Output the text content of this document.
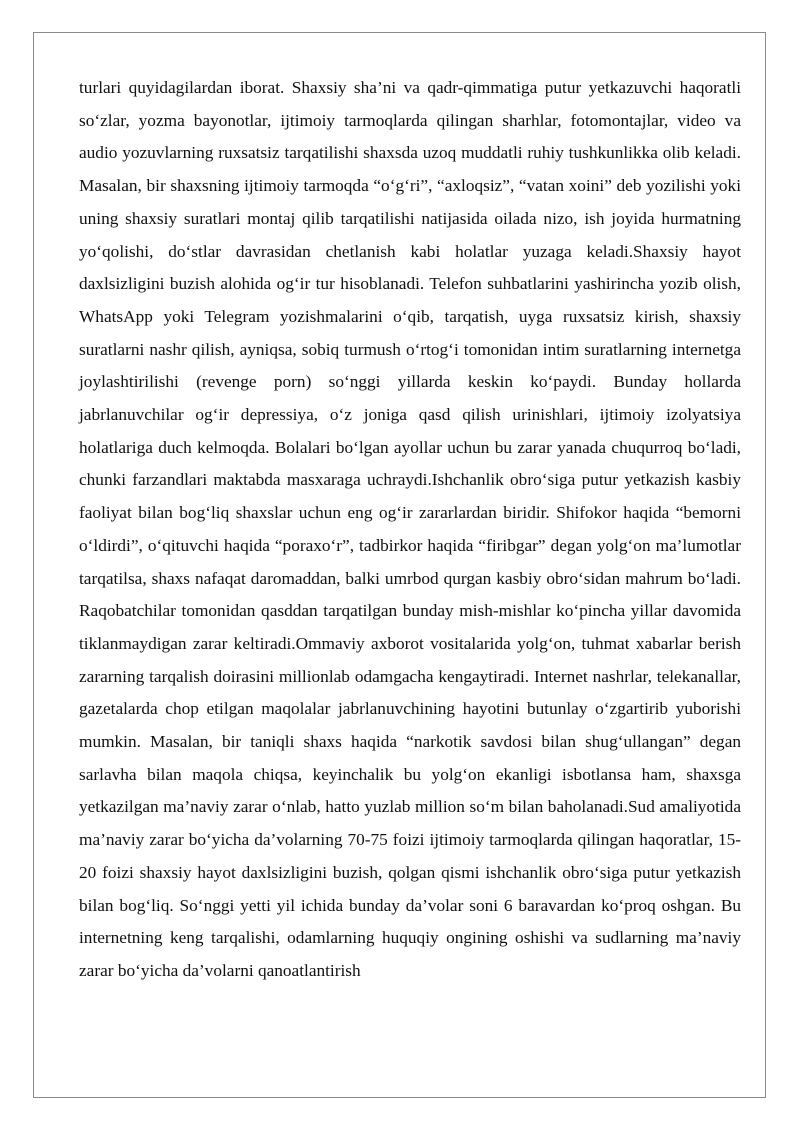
turlari quyidagilardan iborat. Shaxsiy sha’ni va qadr-qimmatiga putur yetkazuvchi haqoratli so‘zlar, yozma bayonotlar, ijtimoiy tarmoqlarda qilingan sharhlar, fotomontajlar, video va audio yozuvlarning ruxsatsiz tarqatilishi shaxsda uzoq muddatli ruhiy tushkunlikka olib keladi. Masalan, bir shaxsning ijtimoiy tarmoqda “o‘g‘ri”, “axloqsiz”, “vatan xoini” deb yozilishi yoki uning shaxsiy suratlari montaj qilib tarqatilishi natijasida oilada nizo, ish joyida hurmatning yo‘qolishi, do‘stlar davrasidan chetlanish kabi holatlar yuzaga keladi.Shaxsiy hayot daxlsizligini buzish alohida og‘ir tur hisoblanadi. Telefon suhbatlarini yashirincha yozib olish, WhatsApp yoki Telegram yozishmalarini o‘qib, tarqatish, uyga ruxsatsiz kirish, shaxsiy suratlarni nashr qilish, ayniqsa, sobiq turmush o‘rtog‘i tomonidan intim suratlarning internetga joylashtirilishi (revenge porn) so‘nggi yillarda keskin ko‘paydi. Bunday hollarda jabrlanuvchilar og‘ir depressiya, o‘z joniga qasd qilish urinishlari, ijtimoiy izolyatsiya holatlariga duch kelmoqda. Bolalari bo‘lgan ayollar uchun bu zarar yanada chuqurroq bo‘ladi, chunki farzandlari maktabda masxaraga uchraydi.Ishchanlik obro‘siga putur yetkazish kasbiy faoliyat bilan bog‘liq shaxslar uchun eng og‘ir zararlardan biridir. Shifokor haqida “bemorni o‘ldirdi”, o‘qituvchi haqida “poraxo‘r”, tadbirkor haqida “firibgar” degan yolg‘on ma’lumotlar tarqatilsa, shaxs nafaqat daromaddan, balki umrbod qurgan kasbiy obro‘sidan mahrum bo‘ladi. Raqobatchilar tomonidan qasddan tarqatilgan bunday mish-mishlar ko‘pincha yillar davomida tiklanmaydigan zarar keltiradi.Ommaviy axborot vositalarida yolg‘on, tuhmat xabarlar berish zararning tarqalish doirasini millionlab odamgacha kengaytiradi. Internet nashrlar, telekanallar, gazetalarda chop etilgan maqolalar jabrlanuvchining hayotini butunlay o‘zgartirib yuborishi mumkin. Masalan, bir taniqli shaxs haqida “narkotik savdosi bilan shug‘ullangan” degan sarlavha bilan maqola chiqsa, keyinchalik bu yolg‘on ekanligi isbotlansa ham, shaxsga yetkazilgan ma’naviy zarar o‘nlab, hatto yuzlab million so‘m bilan baholanadi.Sud amaliyotida ma’naviy zarar bo‘yicha da’volarning 70-75 foizi ijtimoiy tarmoqlarda qilingan haqoratlar, 15-20 foizi shaxsiy hayot daxlsizligini buzish, qolgan qismi ishchanlik obro‘siga putur yetkazish bilan bog‘liq. So‘nggi yetti yil ichida bunday da’volar soni 6 baravardan ko‘proq oshgan. Bu internetning keng tarqalishi, odamlarning huquqiy ongining oshishi va sudlarning ma’naviy zarar bo‘yicha da’volarni qanoatlantirish
